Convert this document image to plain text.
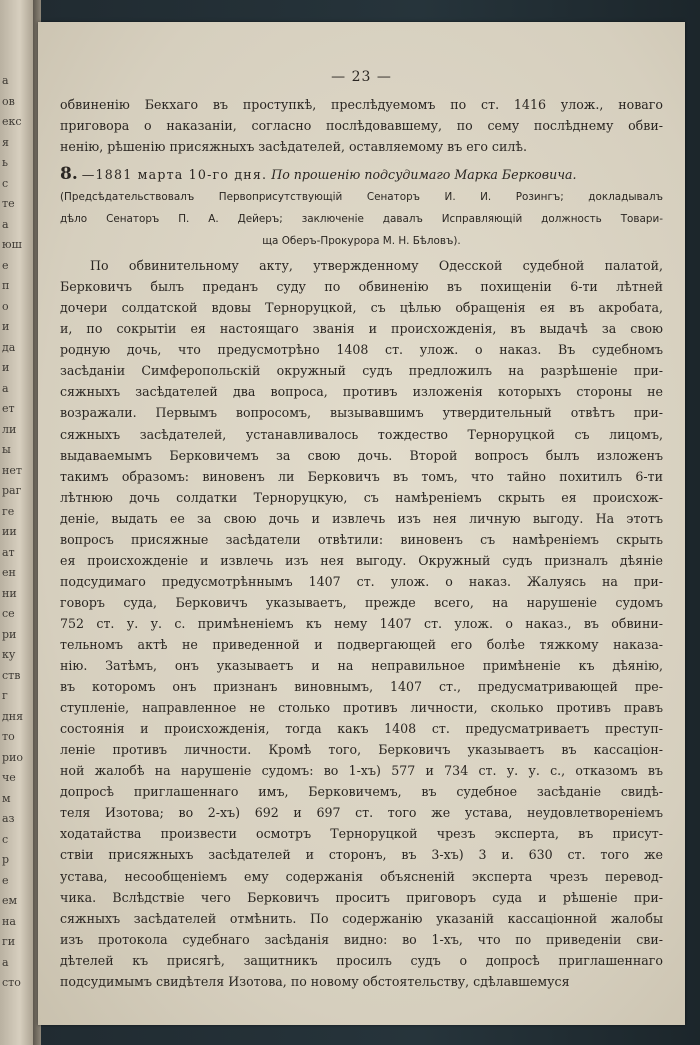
а
ов
екс
я
ь
с
те
а
юш
е
п
о
и
да
и
а
ет
ли
ы
нет
раг
ге
ии
ат
ен
ни
се
ри
ку
ств
г
дня
то
рио
че
м
аз
с
р
е
ем
на
ги
а
сто
— 23 —
обвиненію Бекхаго въ проступкѣ, преслѣдуемомъ по ст. 1416 улож., новаго
приговора о наказаніи, согласно послѣдовавшему, по сему послѣднему обви-
ненію, рѣшенію присяжныхъ засѣдателей, оставляемому въ его силѣ.
8. —1881 марта 10-го дня. По прошенію подсудимаго Марка Берковича.
(Предсѣдательствовалъ Первоприсутствующій Сенаторъ И. И. Розингъ; докладывалъ
дѣло Сенаторъ П. А. Дейеръ; заключеніе давалъ Исправляющій должность Товари-
ща Оберъ-Прокурора М. Н. Бѣловъ).
По обвинительному акту, утвержденному Одесской судебной палатой,
Берковичъ былъ преданъ суду по обвиненію въ похищеніи 6-ти лѣтней
дочери солдатской вдовы Терноруцкой, съ цѣлью обращенія ея въ акробата,
и, по сокрытіи ея настоящаго званія и происхожденія, въ выдачѣ за свою
родную дочь, что предусмотрѣно 1408 ст. улож. о наказ. Въ судебномъ
засѣданіи Симферопольскій окружный судъ предложилъ на разрѣшеніе при-
сяжныхъ засѣдателей два вопроса, противъ изложенія которыхъ стороны не
возражали. Первымъ вопросомъ, вызывавшимъ утвердительный отвѣтъ при-
сяжныхъ засѣдателей, устанавливалось тождество Терноруцкой съ лицомъ,
выдаваемымъ Берковичемъ за свою дочь. Второй вопросъ былъ изложенъ
такимъ образомъ: виновенъ ли Берковичъ въ томъ, что тайно похитилъ 6-ти
лѣтнюю дочь солдатки Терноруцкую, съ намѣреніемъ скрыть ея происхож-
деніе, выдать ее за свою дочь и извлечь изъ нея личную выгоду. На этотъ
вопросъ присяжные засѣдатели отвѣтили: виновенъ съ намѣреніемъ скрыть
ея происхожденіе и извлечь изъ нея выгоду. Окружный судъ призналъ дѣяніе
подсудимаго предусмотрѣннымъ 1407 ст. улож. о наказ. Жалуясь на при-
говоръ суда, Берковичъ указываетъ, прежде всего, на нарушеніе судомъ
752 ст. у. у. с. примѣненіемъ къ нему 1407 ст. улож. о наказ., въ обвини-
тельномъ актѣ не приведенной и подвергающей его болѣе тяжкому наказа-
нію. Затѣмъ, онъ указываетъ и на неправильное примѣненіе къ дѣянію,
въ которомъ онъ признанъ виновнымъ, 1407 ст., предусматривающей пре-
ступленіе, направленное не столько противъ личности, сколько противъ правъ
состоянія и происхожденія, тогда какъ 1408 ст. предусматриваетъ преступ-
леніе противъ личности. Кромѣ того, Берковичъ указываетъ въ кассаціон-
ной жалобѣ на нарушеніе судомъ: во 1-хъ) 577 и 734 ст. у. у. с., отказомъ въ
допросѣ приглашеннаго имъ, Берковичемъ, въ судебное засѣданіе свидѣ-
теля Изотова; во 2-хъ) 692 и 697 ст. того же устава, неудовлетвореніемъ
ходатайства произвести осмотръ Терноруцкой чрезъ эксперта, въ присут-
ствіи присяжныхъ засѣдателей и сторонъ, въ 3-хъ) 3 и. 630 ст. того же
устава, несообщеніемъ ему содержанія объясненій эксперта чрезъ перевод-
чика. Вслѣдствіе чего Берковичъ проситъ приговоръ суда и рѣшеніе при-
сяжныхъ засѣдателей отмѣнить. По содержанію указаній кассаціонной жалобы
изъ протокола судебнаго засѣданія видно: во 1-хъ, что по приведеніи сви-
дѣтелей къ присягѣ, защитникъ просилъ судъ о допросѣ приглашеннаго
подсудимымъ свидѣтеля Изотова, по новому обстоятельству, сдѣлавшемуся
